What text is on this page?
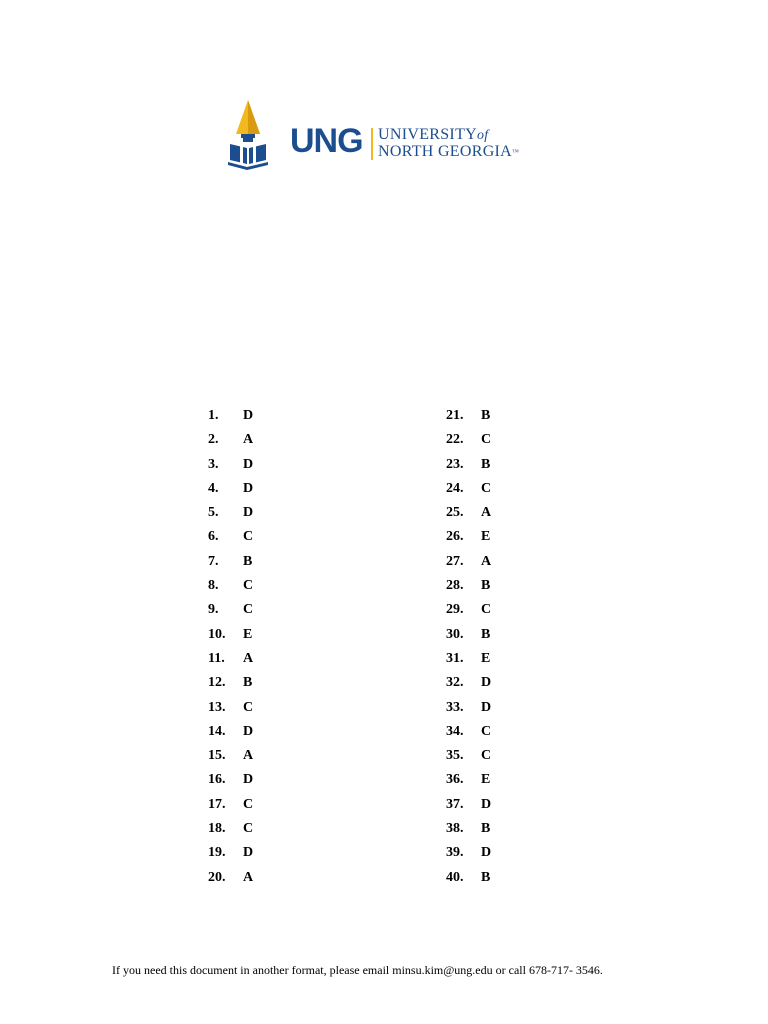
UNG UNIVERSITYof
NORTH GEORGIA™
1. D
2. A
3. D
4. D
5. D
6. C
7. B
8. C
9. C
10. E
11. A
12. B
13. C
14. D
15. A
16. D
17. C
18. C
19. D
20. A
21. B
22. C
23. B
24. C
25. A
26. E
27. A
28. B
29. C
30. B
31. E
32. D
33. D
34. C
35. C
36. E
37. D
38. B
39. D
40. B
If you need this document in another format, please email minsu.kim@ung.edu or call 678-717- 3546.
